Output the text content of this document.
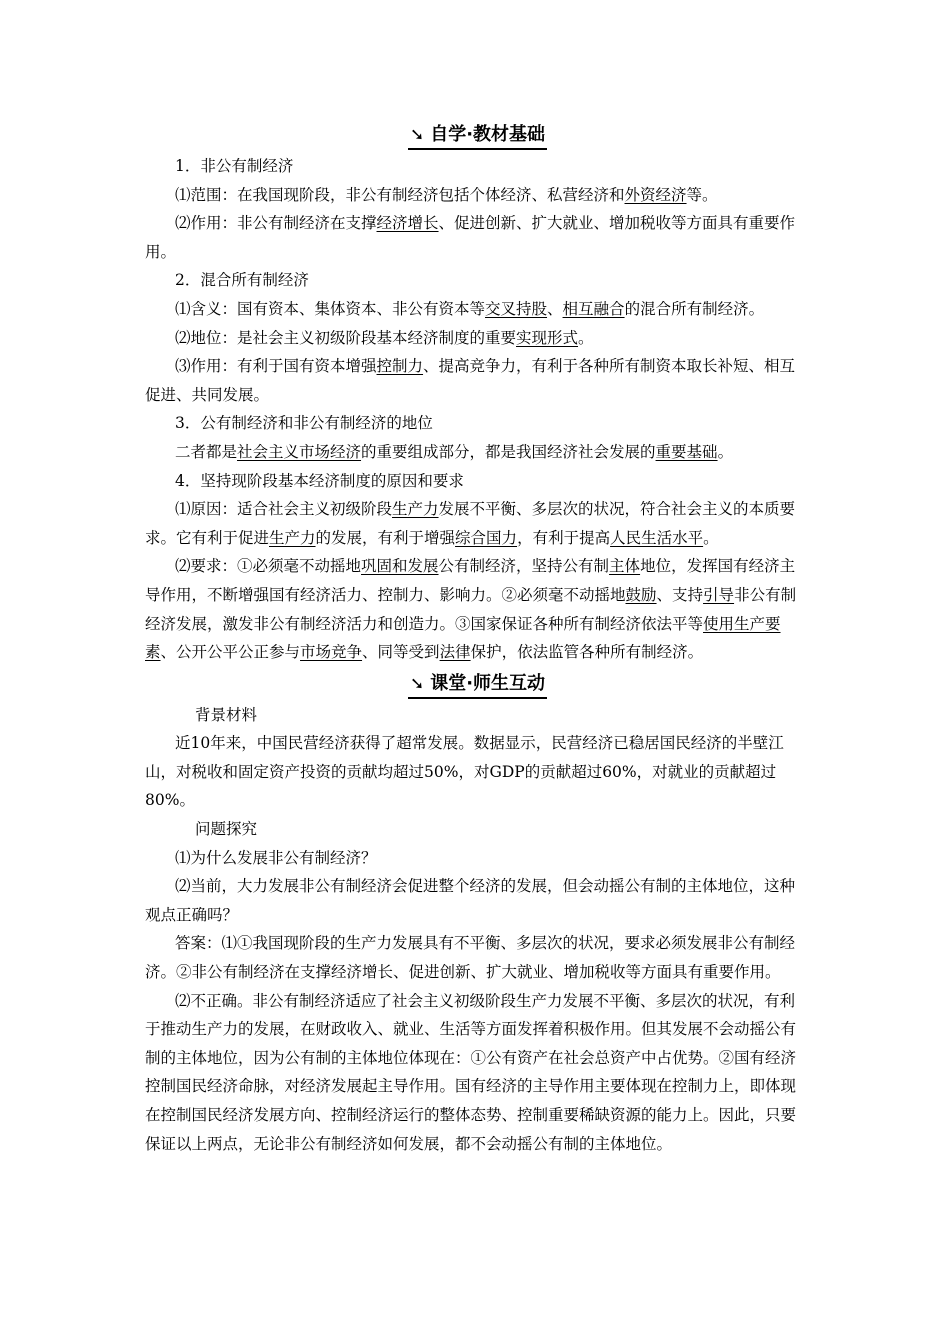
➘ 自学·教材基础

1．非公有制经济

⑴范围：在我国现阶段，非公有制经济包括个体经济、私营经济和外资经济等。

⑵作用：非公有制经济在支撑经济增长、促进创新、扩大就业、增加税收等方面具有重要作用。

2．混合所有制经济

⑴含义：国有资本、集体资本、非公有资本等交叉持股、相互融合的混合所有制经济。

⑵地位：是社会主义初级阶段基本经济制度的重要实现形式。

⑶作用：有利于国有资本增强控制力、提高竞争力，有利于各种所有制资本取长补短、相互促进、共同发展。

3．公有制经济和非公有制经济的地位

二者都是社会主义市场经济的重要组成部分，都是我国经济社会发展的重要基础。

4．坚持现阶段基本经济制度的原因和要求

⑴原因：适合社会主义初级阶段生产力发展不平衡、多层次的状况，符合社会主义的本质要求。它有利于促进生产力的发展，有利于增强综合国力，有利于提高人民生活水平。

⑵要求：①必须毫不动摇地巩固和发展公有制经济，坚持公有制主体地位，发挥国有经济主导作用，不断增强国有经济活力、控制力、影响力。②必须毫不动摇地鼓励、支持引导非公有制经济发展，激发非公有制经济活力和创造力。③国家保证各种所有制经济依法平等使用生产要素、公开公平公正参与市场竞争、同等受到法律保护，依法监管各种所有制经济。

➘ 课堂·师生互动

背景材料

近10年来，中国民营经济获得了超常发展。数据显示，民营经济已稳居国民经济的半壁江山，对税收和固定资产投资的贡献均超过50%，对GDP的贡献超过60%，对就业的贡献超过80%。

问题探究

⑴为什么发展非公有制经济？

⑵当前，大力发展非公有制经济会促进整个经济的发展，但会动摇公有制的主体地位，这种观点正确吗？

答案：⑴①我国现阶段的生产力发展具有不平衡、多层次的状况，要求必须发展非公有制经济。②非公有制经济在支撑经济增长、促进创新、扩大就业、增加税收等方面具有重要作用。

⑵不正确。非公有制经济适应了社会主义初级阶段生产力发展不平衡、多层次的状况，有利于推动生产力的发展，在财政收入、就业、生活等方面发挥着积极作用。但其发展不会动摇公有制的主体地位，因为公有制的主体地位体现在：①公有资产在社会总资产中占优势。②国有经济控制国民经济命脉，对经济发展起主导作用。国有经济的主导作用主要体现在控制力上，即体现在控制国民经济发展方向、控制经济运行的整体态势、控制重要稀缺资源的能力上。因此，只要保证以上两点，无论非公有制经济如何发展，都不会动摇公有制的主体地位。
